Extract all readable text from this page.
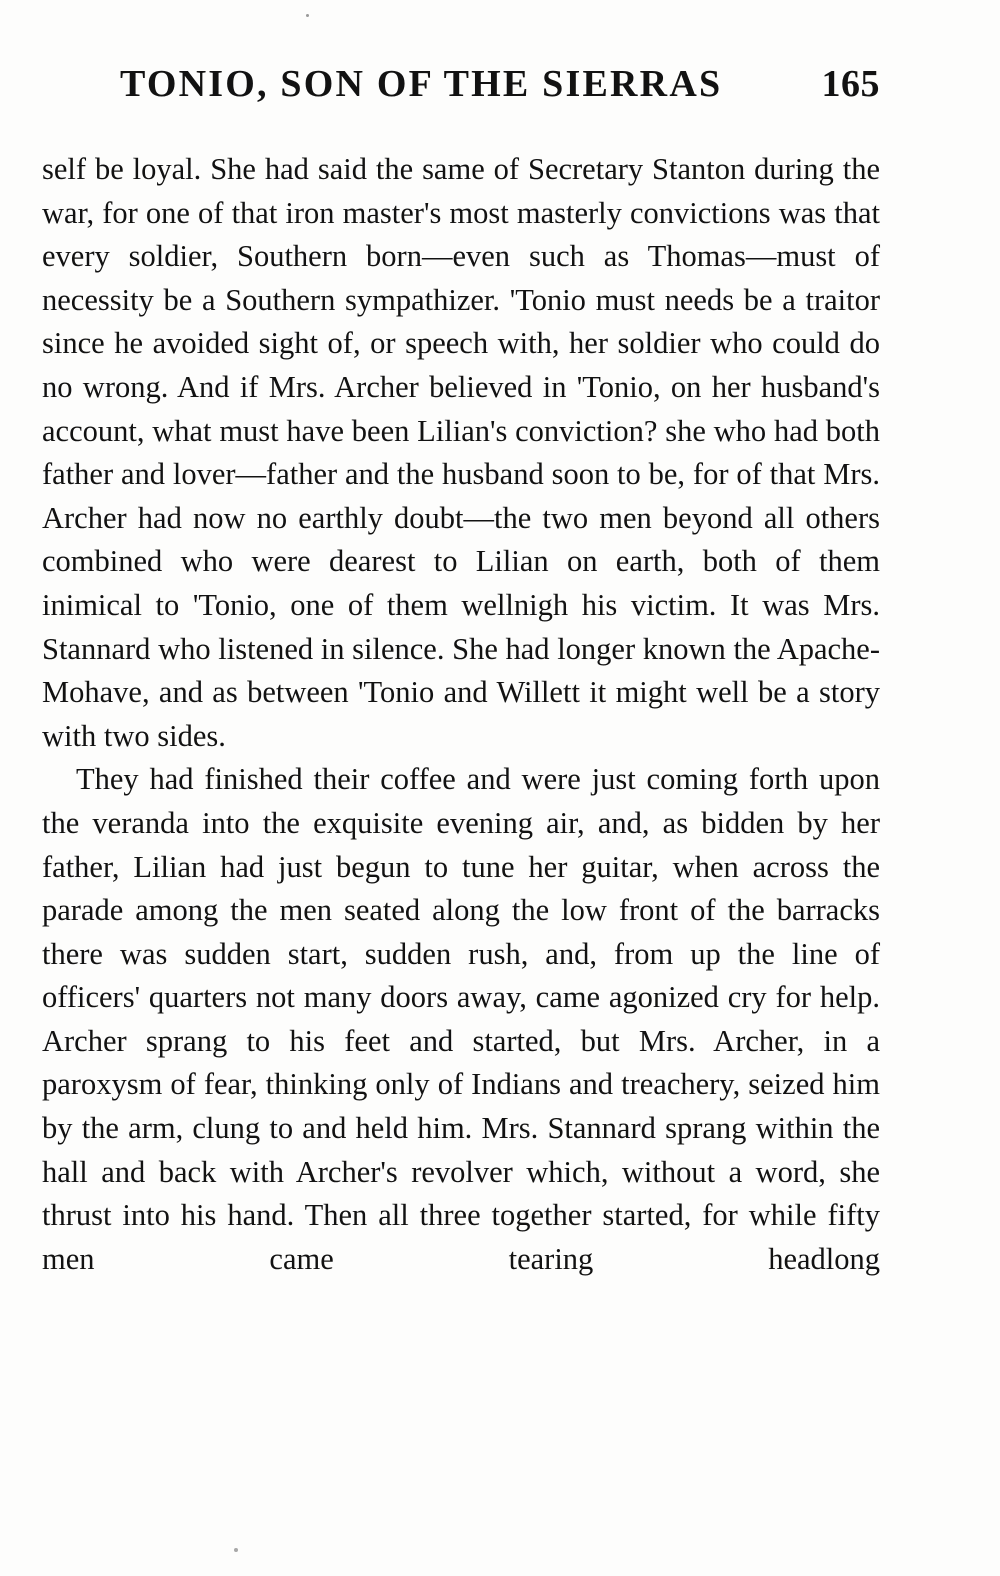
TONIO, SON OF THE SIERRAS	165

self be loyal. She had said the same of Secretary Stanton during the war, for one of that iron master's most masterly convictions was that every soldier, Southern born—even such as Thomas—must of necessity be a Southern sympathizer. 'Tonio must needs be a traitor since he avoided sight of, or speech with, her soldier who could do no wrong. And if Mrs. Archer believed in 'Tonio, on her husband's account, what must have been Lilian's conviction? she who had both father and lover—father and the husband soon to be, for of that Mrs. Archer had now no earthly doubt—the two men beyond all others combined who were dearest to Lilian on earth, both of them inimical to 'Tonio, one of them wellnigh his victim. It was Mrs. Stannard who listened in silence. She had longer known the Apache-Mohave, and as between 'Tonio and Willett it might well be a story with two sides.

They had finished their coffee and were just coming forth upon the veranda into the exquisite evening air, and, as bidden by her father, Lilian had just begun to tune her guitar, when across the parade among the men seated along the low front of the barracks there was sudden start, sudden rush, and, from up the line of officers' quarters not many doors away, came agonized cry for help. Archer sprang to his feet and started, but Mrs. Archer, in a paroxysm of fear, thinking only of Indians and treachery, seized him by the arm, clung to and held him. Mrs. Stannard sprang within the hall and back with Archer's revolver which, without a word, she thrust into his hand. Then all three together started, for while fifty men came tearing headlong
